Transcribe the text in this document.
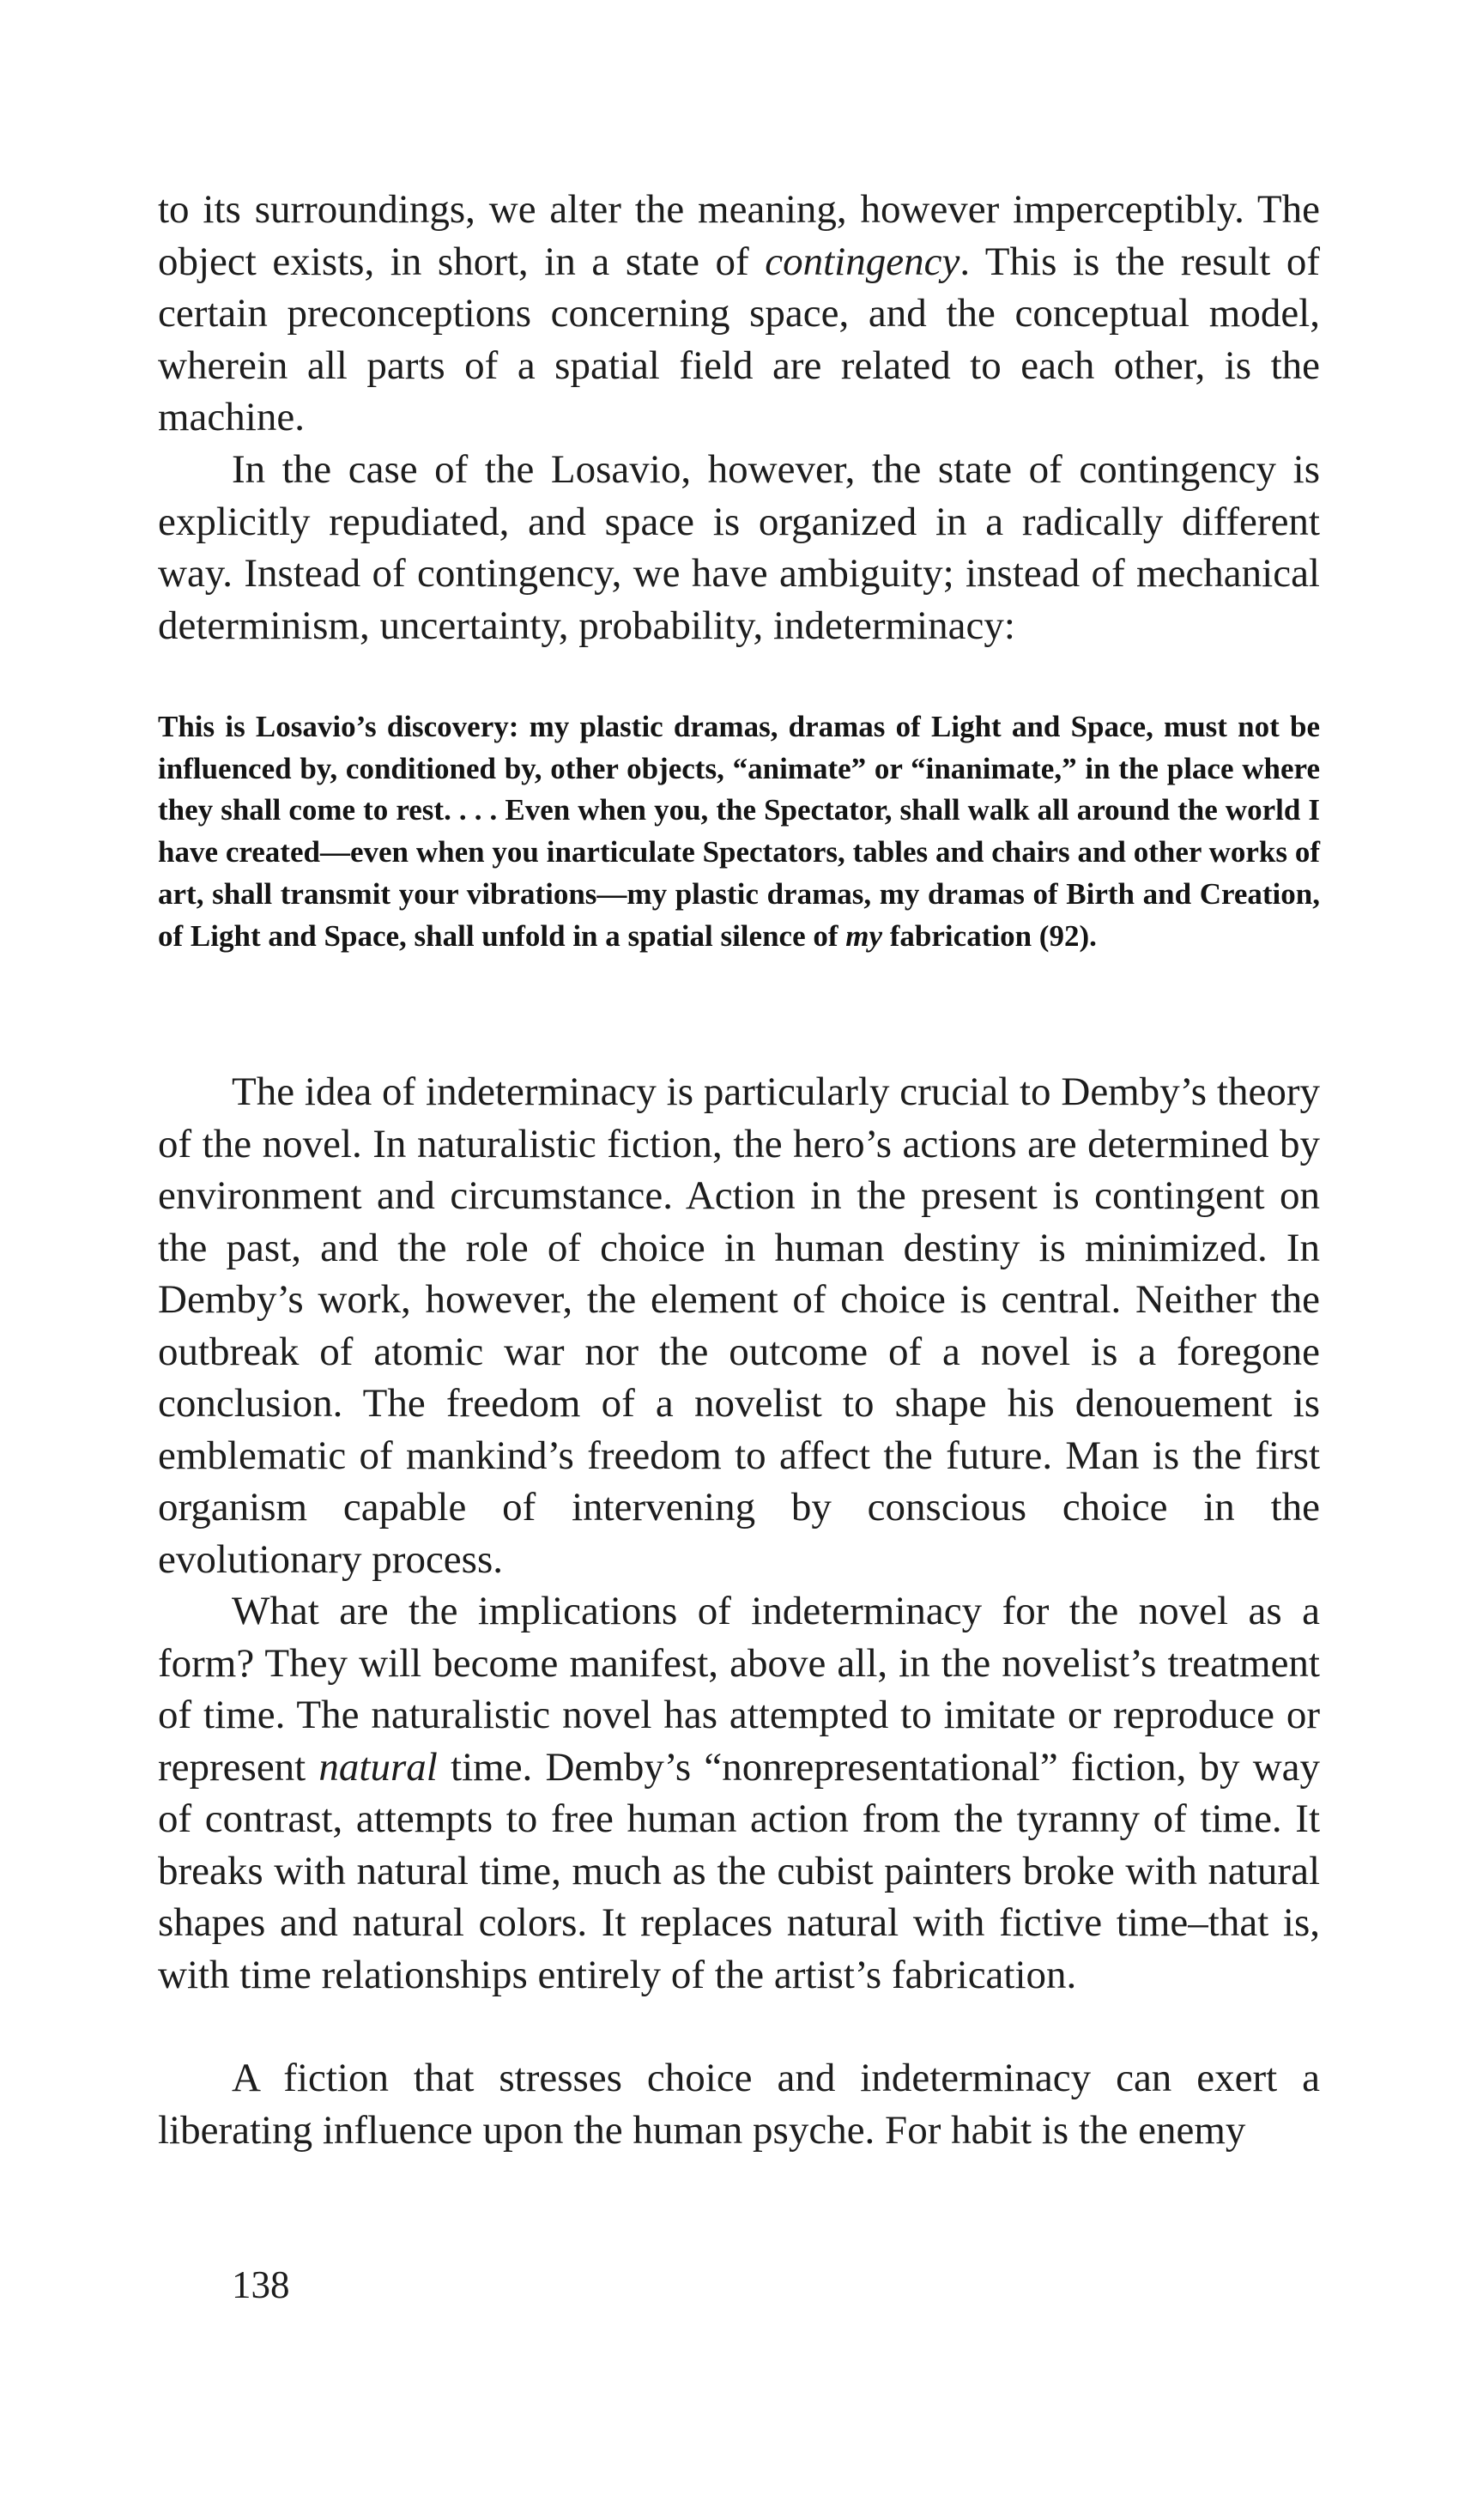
to its surroundings, we alter the meaning, however imperceptibly. The object exists, in short, in a state of contingency. This is the result of certain preconceptions concerning space, and the conceptual model, wherein all parts of a spatial field are related to each other, is the machine.

In the case of the Losavio, however, the state of contingency is explicitly repudiated, and space is organized in a radically different way. Instead of contingency, we have ambiguity; instead of mechanical determinism, uncertainty, probability, indeterminacy:

This is Losavio’s discovery: my plastic dramas, dramas of Light and Space, must not be influenced by, conditioned by, other objects, “animate” or “inanimate,” in the place where they shall come to rest. . . . Even when you, the Spectator, shall walk all around the world I have created—even when you inarticulate Spectators, tables and chairs and other works of art, shall transmit your vibrations—my plastic dramas, my dramas of Birth and Creation, of Light and Space, shall unfold in a spatial silence of my fabrication (92).

The idea of indeterminacy is particularly crucial to Demby’s theory of the novel. In naturalistic fiction, the hero’s actions are determined by environment and circumstance. Action in the present is contingent on the past, and the role of choice in human destiny is minimized. In Demby’s work, however, the element of choice is central. Neither the outbreak of atomic war nor the outcome of a novel is a foregone conclusion. The freedom of a novelist to shape his denouement is emblematic of mankind’s freedom to affect the future. Man is the first organism capable of intervening by conscious choice in the evolutionary process.

What are the implications of indeterminacy for the novel as a form? They will become manifest, above all, in the novelist’s treatment of time. The naturalistic novel has attempted to imitate or reproduce or represent natural time. Demby’s “nonrepresentational” fiction, by way of contrast, attempts to free human action from the tyranny of time. It breaks with natural time, much as the cubist painters broke with natural shapes and natural colors. It replaces natural with fictive time–that is, with time relationships entirely of the artist’s fabrication.

A fiction that stresses choice and indeterminacy can exert a liberating influence upon the human psyche. For habit is the enemy

138
